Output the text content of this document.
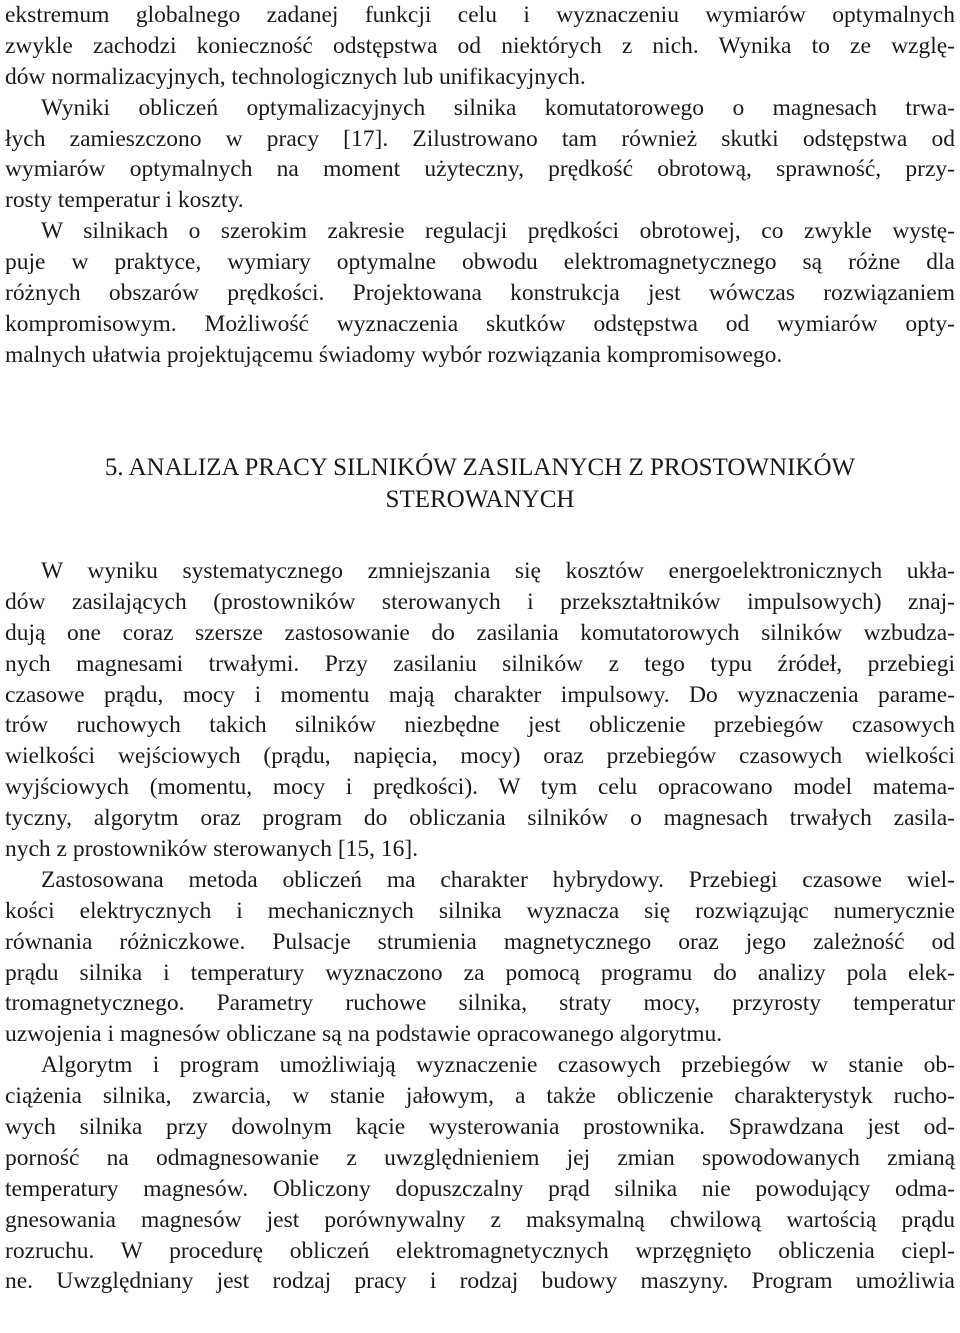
ekstremum globalnego zadanej funkcji celu i wyznaczeniu wymiarów optymalnych
zwykle zachodzi konieczność odstępstwa od niektórych z nich. Wynika to ze wzglę-
dów normalizacyjnych, technologicznych lub unifikacyjnych.
Wyniki obliczeń optymalizacyjnych silnika komutatorowego o magnesach trwa-
łych zamieszczono w pracy [17]. Zilustrowano tam również skutki odstępstwa od
wymiarów optymalnych na moment użyteczny, prędkość obrotową, sprawność, przy-
rosty temperatur i koszty.
W silnikach o szerokim zakresie regulacji prędkości obrotowej, co zwykle wystę-
puje w praktyce, wymiary optymalne obwodu elektromagnetycznego są różne dla
różnych obszarów prędkości. Projektowana konstrukcja jest wówczas rozwiązaniem
kompromisowym. Możliwość wyznaczenia skutków odstępstwa od wymiarów opty-
malnych ułatwia projektującemu świadomy wybór rozwiązania kompromisowego.
5. ANALIZA PRACY SILNIKÓW ZASILANYCH Z PROSTOWNIKÓW
STEROWANYCH
W wyniku systematycznego zmniejszania się kosztów energoelektronicznych ukła-
dów zasilających (prostowników sterowanych i przekształtników impulsowych) znaj-
dują one coraz szersze zastosowanie do zasilania komutatorowych silników wzbudza-
nych magnesami trwałymi. Przy zasilaniu silników z tego typu źródeł, przebiegi
czasowe prądu, mocy i momentu mają charakter impulsowy. Do wyznaczenia parame-
trów ruchowych takich silników niezbędne jest obliczenie przebiegów czasowych
wielkości wejściowych (prądu, napięcia, mocy) oraz przebiegów czasowych wielkości
wyjściowych (momentu, mocy i prędkości). W tym celu opracowano model matema-
tyczny, algorytm oraz program do obliczania silników o magnesach trwałych zasila-
nych z prostowników sterowanych [15, 16].
Zastosowana metoda obliczeń ma charakter hybrydowy. Przebiegi czasowe wiel-
kości elektrycznych i mechanicznych silnika wyznacza się rozwiązując numerycznie
równania różniczkowe. Pulsacje strumienia magnetycznego oraz jego zależność od
prądu silnika i temperatury wyznaczono za pomocą programu do analizy pola elek-
tromagnetycznego. Parametry ruchowe silnika, straty mocy, przyrosty temperatur
uzwojenia i magnesów obliczane są na podstawie opracowanego algorytmu.
Algorytm i program umożliwiają wyznaczenie czasowych przebiegów w stanie ob-
ciążenia silnika, zwarcia, w stanie jałowym, a także obliczenie charakterystyk rucho-
wych silnika przy dowolnym kącie wysterowania prostownika. Sprawdzana jest od-
porność na odmagnesowanie z uwzględnieniem jej zmian spowodowanych zmianą
temperatury magnesów. Obliczony dopuszczalny prąd silnika nie powodujący odma-
gnesowania magnesów jest porównywalny z maksymalną chwilową wartością prądu
rozruchu. W procedurę obliczeń elektromagnetycznych wprzęgnięto obliczenia ciepl-
ne. Uwzględniany jest rodzaj pracy i rodzaj budowy maszyny. Program umożliwia
